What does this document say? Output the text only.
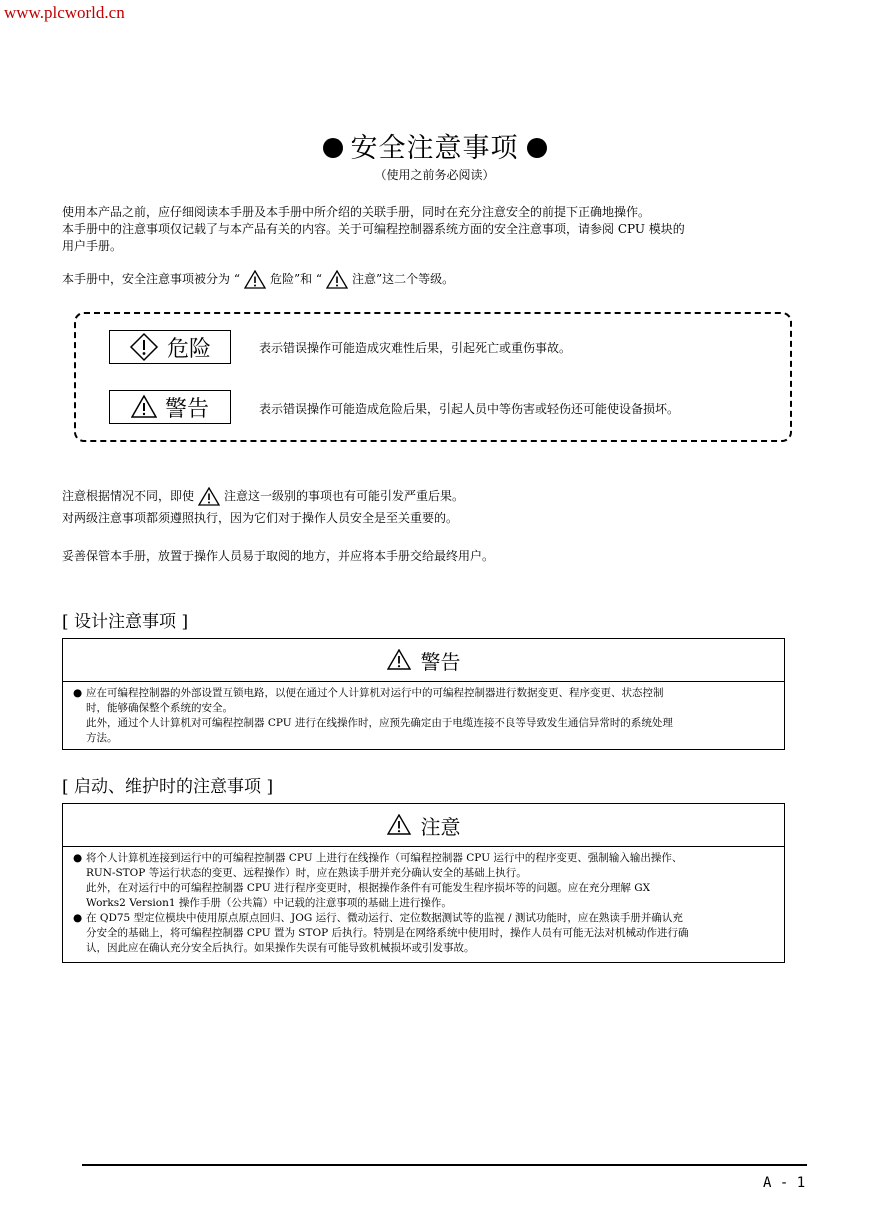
www.plcworld.cn
安全注意事项
（使用之前务必阅读）
使用本产品之前，应仔细阅读本手册及本手册中所介绍的关联手册，同时在充分注意安全的前提下正确地操作。
本手册中的注意事项仅记载了与本产品有关的内容。关于可编程控制器系统方面的安全注意事项，请参阅 CPU 模块的
用户手册。
本手册中，安全注意事项被分为 “	危险”和 “	注意”这二个等级。
危险	表示错误操作可能造成灾难性后果，引起死亡或重伤事故。
警告	表示错误操作可能造成危险后果，引起人员中等伤害或轻伤还可能使设备损坏。
注意根据情况不同，即使	注意这一级别的事项也有可能引发严重后果。
对两级注意事项都须遵照执行，因为它们对于操作人员安全是至关重要的。
妥善保管本手册，放置于操作人员易于取阅的地方，并应将本手册交给最终用户。
[ 设计注意事项 ]
警告
● 应在可编程控制器的外部设置互锁电路，以便在通过个人计算机对运行中的可编程控制器进行数据变更、程序变更、状态控制
时，能够确保整个系统的安全。
此外，通过个人计算机对可编程控制器 CPU 进行在线操作时，应预先确定由于电缆连接不良等导致发生通信异常时的系统处理
方法。
[ 启动、维护时的注意事项 ]
注意
● 将个人计算机连接到运行中的可编程控制器 CPU 上进行在线操作（可编程控制器 CPU 运行中的程序变更、强制输入输出操作、
RUN-STOP 等运行状态的变更、远程操作）时，应在熟读手册并充分确认安全的基础上执行。
此外，在对运行中的可编程控制器 CPU 进行程序变更时，根据操作条件有可能发生程序损坏等的问题。应在充分理解 GX
Works2 Version1 操作手册（公共篇）中记载的注意事项的基础上进行操作。
● 在 QD75 型定位模块中使用原点原点回归、JOG 运行、微动运行、定位数据测试等的监视 / 测试功能时，应在熟读手册并确认充
分安全的基础上，将可编程控制器 CPU 置为 STOP 后执行。特别是在网络系统中使用时，操作人员有可能无法对机械动作进行确
认，因此应在确认充分安全后执行。如果操作失误有可能导致机械损坏或引发事故。
A - 1
